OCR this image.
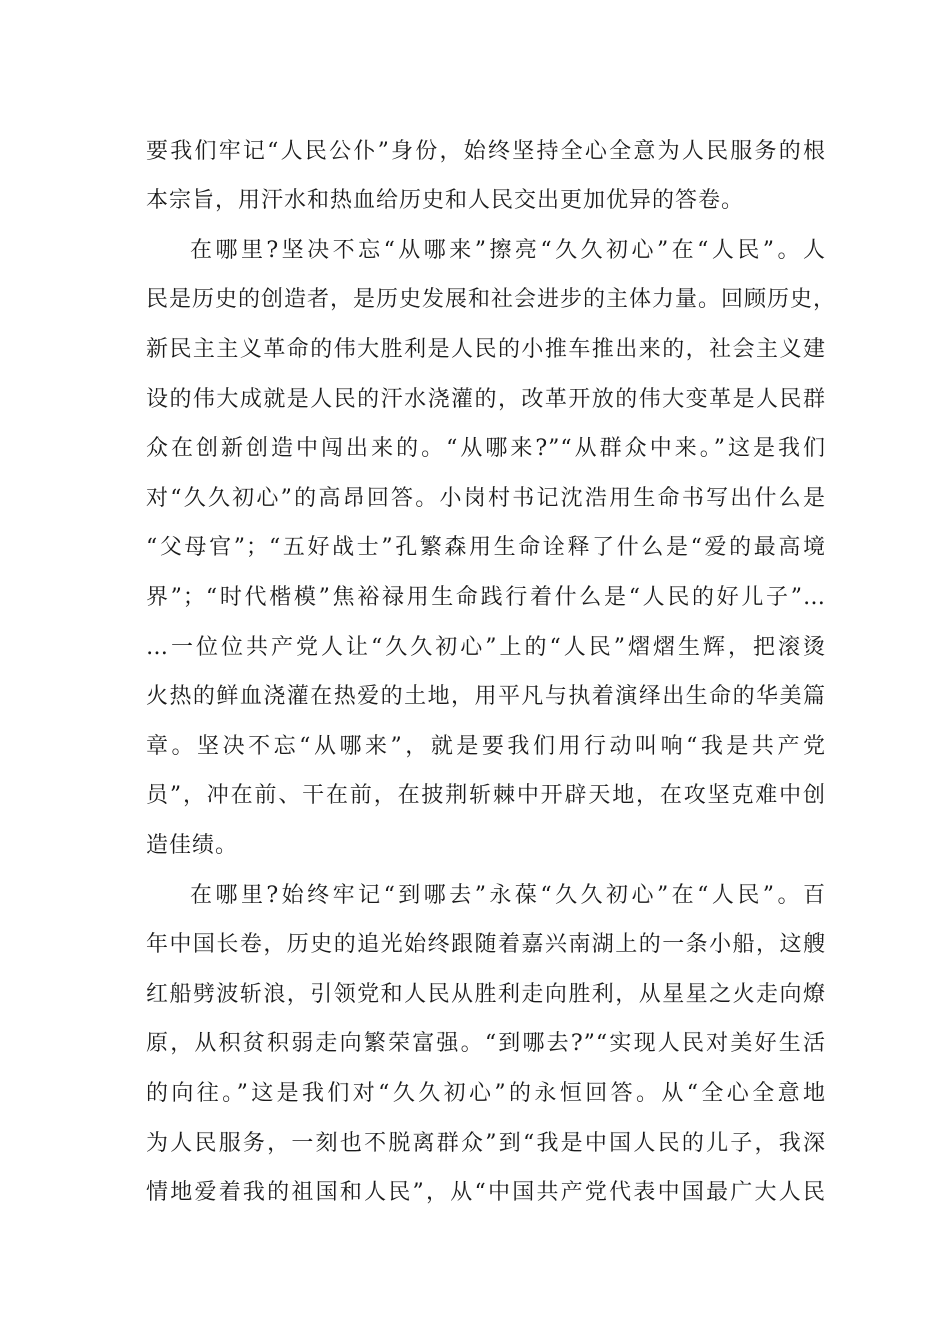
要我们牢记“人民公仆”身份，始终坚持全心全意为人民服务的根
本宗旨，用汗水和热血给历史和人民交出更加优异的答卷。
在哪里?坚决不忘“从哪来”擦亮“久久初心”在“人民”。人
民是历史的创造者，是历史发展和社会进步的主体力量。回顾历史，
新民主主义革命的伟大胜利是人民的小推车推出来的，社会主义建
设的伟大成就是人民的汗水浇灌的，改革开放的伟大变革是人民群
众在创新创造中闯出来的。“从哪来?”“从群众中来。”这是我们
对“久久初心”的高昂回答。小岗村书记沈浩用生命书写出什么是
“父母官”；“五好战士”孔繁森用生命诠释了什么是“爱的最高境
界”；“时代楷模”焦裕禄用生命践行着什么是“人民的好儿子”…
…一位位共产党人让“久久初心”上的“人民”熠熠生辉，把滚烫
火热的鲜血浇灌在热爱的土地，用平凡与执着演绎出生命的华美篇
章。坚决不忘“从哪来”，就是要我们用行动叫响“我是共产党
员”，冲在前、干在前，在披荆斩棘中开辟天地，在攻坚克难中创
造佳绩。
在哪里?始终牢记“到哪去”永葆“久久初心”在“人民”。百
年中国长卷，历史的追光始终跟随着嘉兴南湖上的一条小船，这艘
红船劈波斩浪，引领党和人民从胜利走向胜利，从星星之火走向燎
原，从积贫积弱走向繁荣富强。“到哪去?”“实现人民对美好生活
的向往。”这是我们对“久久初心”的永恒回答。从“全心全意地
为人民服务，一刻也不脱离群众”到“我是中国人民的儿子，我深
情地爱着我的祖国和人民”，从“中国共产党代表中国最广大人民
